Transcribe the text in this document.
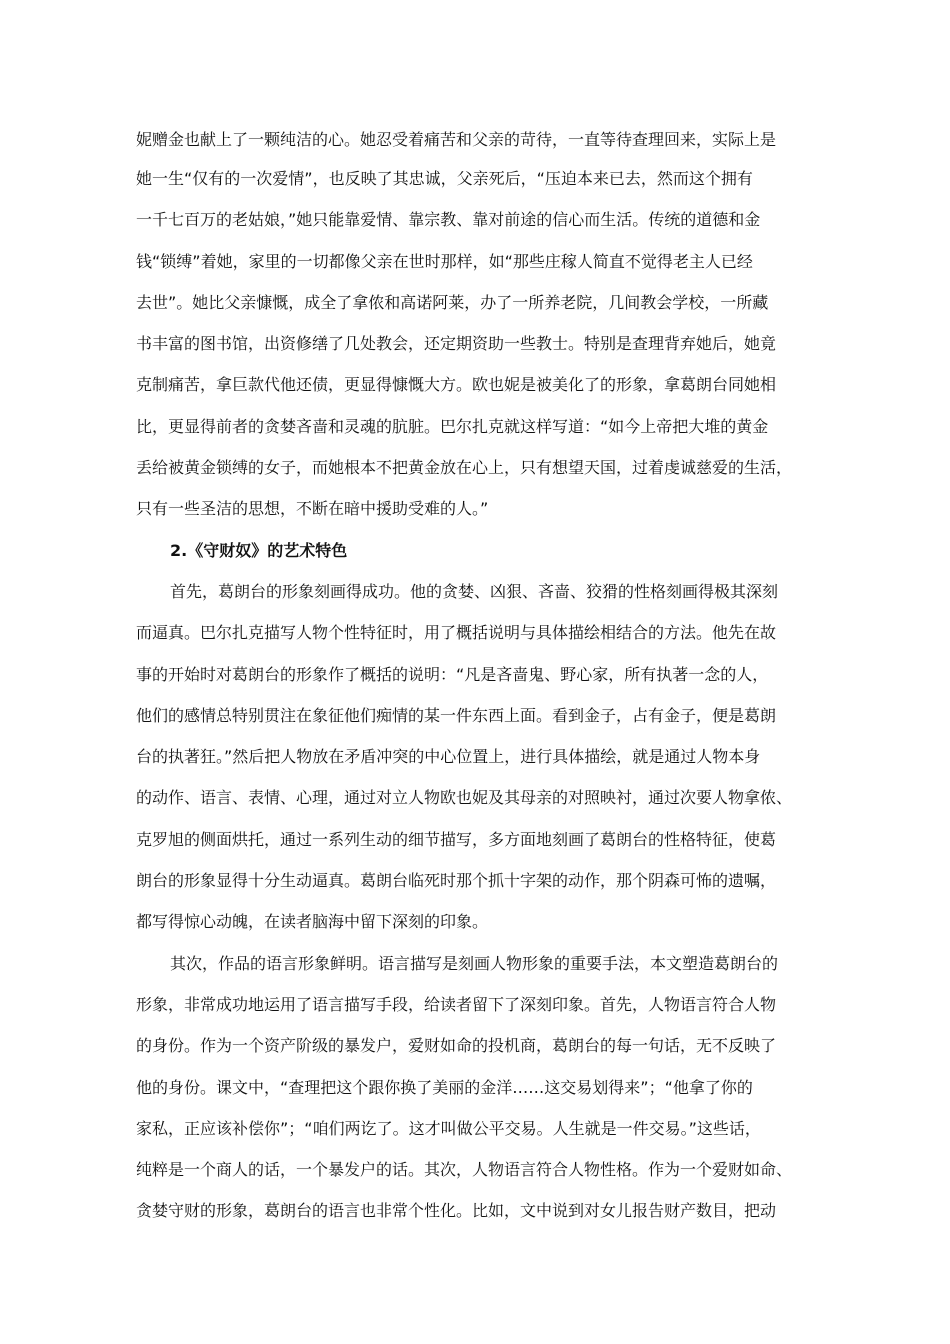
妮赠金也献上了一颗纯洁的心。她忍受着痛苦和父亲的苛待，一直等待查理回来，实际上是
她一生“仅有的一次爱情”，也反映了其忠诚，父亲死后，“压迫本来已去，然而这个拥有
一千七百万的老姑娘，”她只能靠爱情、靠宗教、靠对前途的信心而生活。传统的道德和金
钱“锁缚”着她，家里的一切都像父亲在世时那样，如“那些庄稼人简直不觉得老主人已经
去世”。她比父亲慷慨，成全了拿侬和高诺阿莱，办了一所养老院，几间教会学校，一所藏
书丰富的图书馆，出资修缮了几处教会，还定期资助一些教士。特别是查理背弃她后，她竟
克制痛苦，拿巨款代他还债，更显得慷慨大方。欧也妮是被美化了的形象，拿葛朗台同她相
比，更显得前者的贪婪吝啬和灵魂的肮脏。巴尔扎克就这样写道：“如今上帝把大堆的黄金
丢给被黄金锁缚的女子，而她根本不把黄金放在心上，只有想望天国，过着虔诚慈爱的生活，
只有一些圣洁的思想，不断在暗中援助受难的人。”
2.《守财奴》的艺术特色
首先，葛朗台的形象刻画得成功。他的贪婪、凶狠、吝啬、狡猾的性格刻画得极其深刻
而逼真。巴尔扎克描写人物个性特征时，用了概括说明与具体描绘相结合的方法。他先在故
事的开始时对葛朗台的形象作了概括的说明：“凡是吝啬鬼、野心家，所有执著一念的人，
他们的感情总特别贯注在象征他们痴情的某一件东西上面。看到金子，占有金子，便是葛朗
台的执著狂。”然后把人物放在矛盾冲突的中心位置上，进行具体描绘，就是通过人物本身
的动作、语言、表情、心理，通过对立人物欧也妮及其母亲的对照映衬，通过次要人物拿侬、
克罗旭的侧面烘托，通过一系列生动的细节描写，多方面地刻画了葛朗台的性格特征，使葛
朗台的形象显得十分生动逼真。葛朗台临死时那个抓十字架的动作，那个阴森可怖的遗嘱，
都写得惊心动魄，在读者脑海中留下深刻的印象。
其次，作品的语言形象鲜明。语言描写是刻画人物形象的重要手法，本文塑造葛朗台的
形象，非常成功地运用了语言描写手段，给读者留下了深刻印象。首先，人物语言符合人物
的身份。作为一个资产阶级的暴发户，爱财如命的投机商，葛朗台的每一句话，无不反映了
他的身份。课文中，“查理把这个跟你换了美丽的金洋……这交易划得来”；“他拿了你的
家私，正应该补偿你”；“咱们两讫了。这才叫做公平交易。人生就是一件交易。”这些话，
纯粹是一个商人的话，一个暴发户的话。其次，人物语言符合人物性格。作为一个爱财如命、
贪婪守财的形象，葛朗台的语言也非常个性化。比如，文中说到对女儿报告财产数目，把动
